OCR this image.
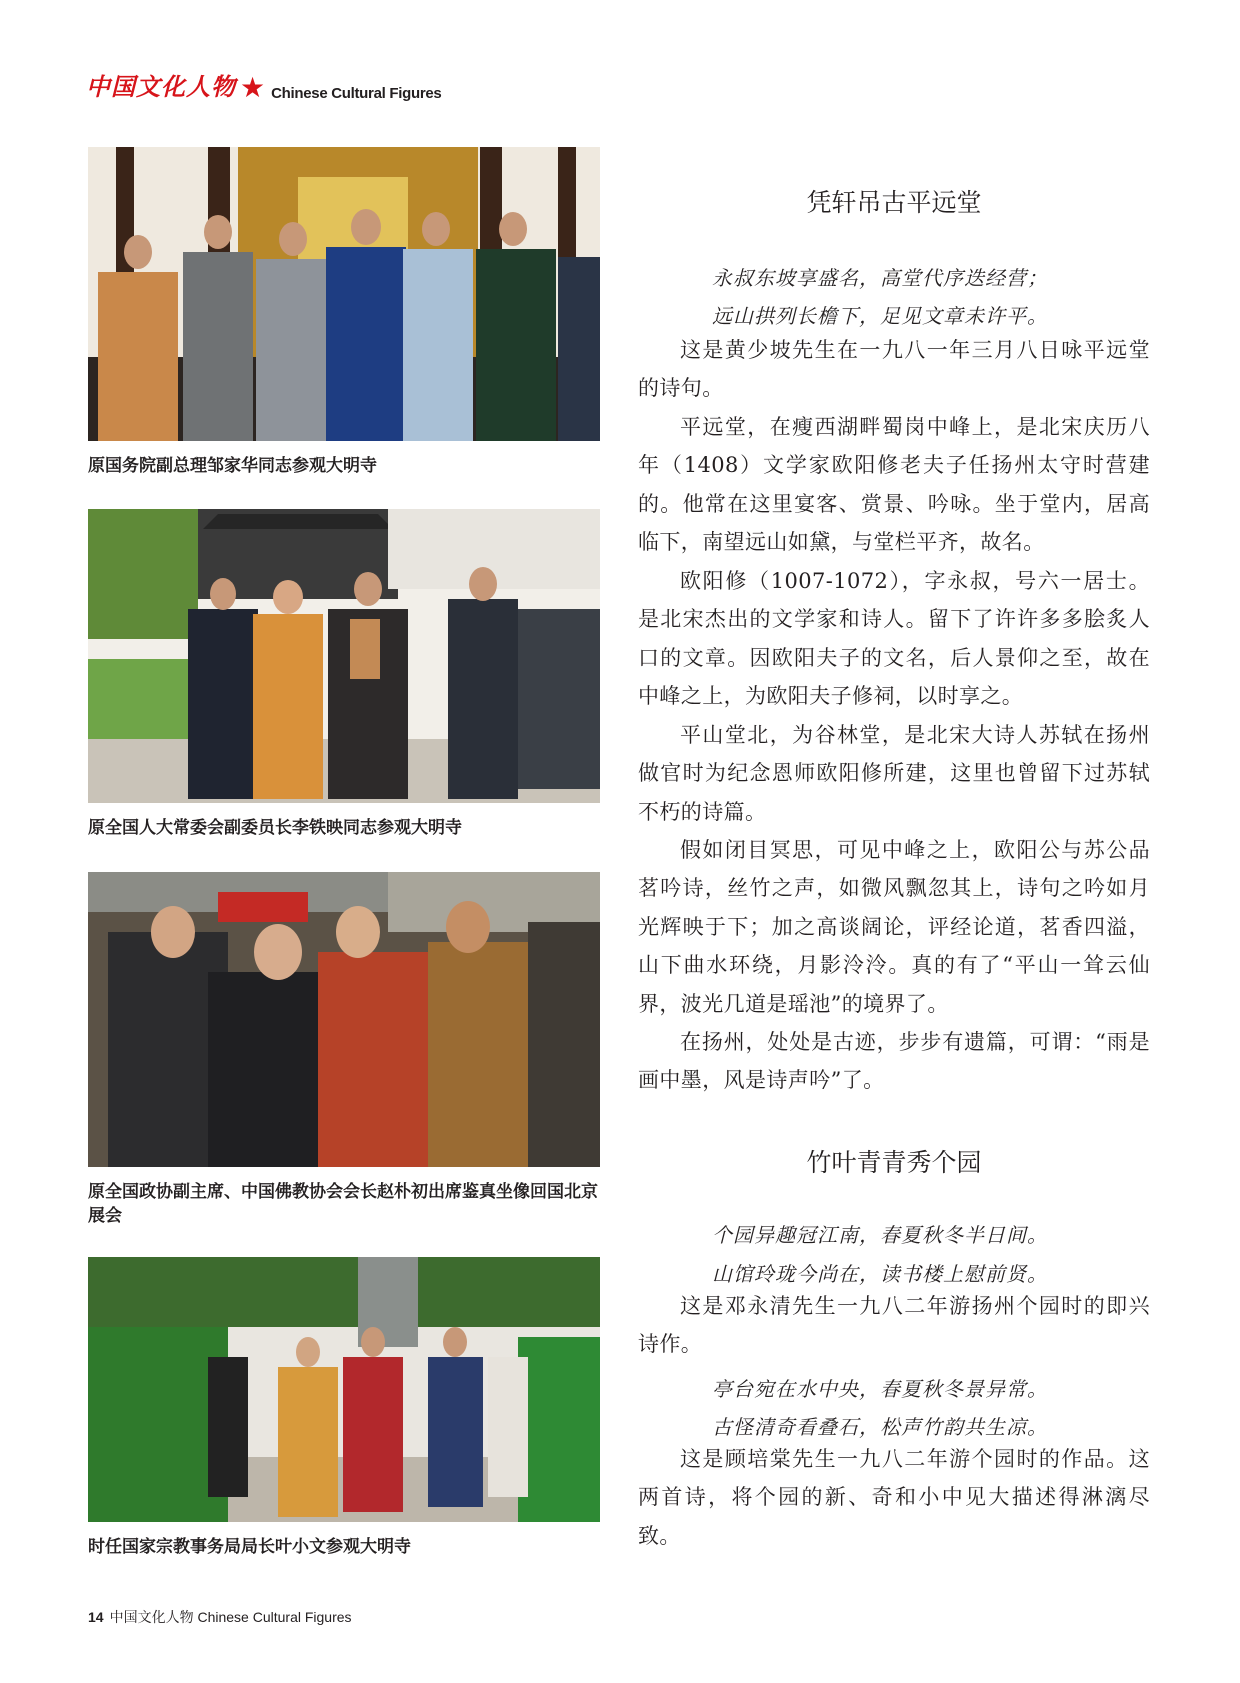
中国文化人物 ★ Chinese Cultural Figures
原国务院副总理邹家华同志参观大明寺
原全国人大常委会副委员长李铁映同志参观大明寺
原全国政协副主席、中国佛教协会会长赵朴初出席鉴真坐像回国北京展会
时任国家宗教事务局局长叶小文参观大明寺
凭轩吊古平远堂
永叔东坡享盛名，高堂代序迭经营；
远山拱列长檐下，足见文章未许平。

这是黄少坡先生在一九八一年三月八日咏平远堂的诗句。

平远堂，在瘦西湖畔蜀岗中峰上，是北宋庆历八年（1408）文学家欧阳修老夫子任扬州太守时营建的。他常在这里宴客、赏景、吟咏。坐于堂内，居高临下，南望远山如黛，与堂栏平齐，故名。

欧阳修（1007-1072），字永叔，号六一居士。是北宋杰出的文学家和诗人。留下了许许多多脍炙人口的文章。因欧阳夫子的文名，后人景仰之至，故在中峰之上，为欧阳夫子修祠，以时享之。

平山堂北，为谷林堂，是北宋大诗人苏轼在扬州做官时为纪念恩师欧阳修所建，这里也曾留下过苏轼不朽的诗篇。

假如闭目冥思，可见中峰之上，欧阳公与苏公品茗吟诗，丝竹之声，如微风飘忽其上，诗句之吟如月光辉映于下；加之高谈阔论，评经论道，茗香四溢，山下曲水环绕，月影泠泠。真的有了“平山一耸云仙界，波光几道是瑶池”的境界了。

在扬州，处处是古迹，步步有遗篇，可谓：“雨是画中墨，风是诗声吟”了。

竹叶青青秀个园
个园异趣冠江南，春夏秋冬半日间。
山馆玲珑今尚在，读书楼上慰前贤。

这是邓永清先生一九八二年游扬州个园时的即兴诗作。

亭台宛在水中央，春夏秋冬景异常。
古怪清奇看叠石，松声竹韵共生凉。

这是顾培棠先生一九八二年游个园时的作品。这两首诗，将个园的新、奇和小中见大描述得淋漓尽致。

14 中国文化人物 Chinese Cultural Figures
